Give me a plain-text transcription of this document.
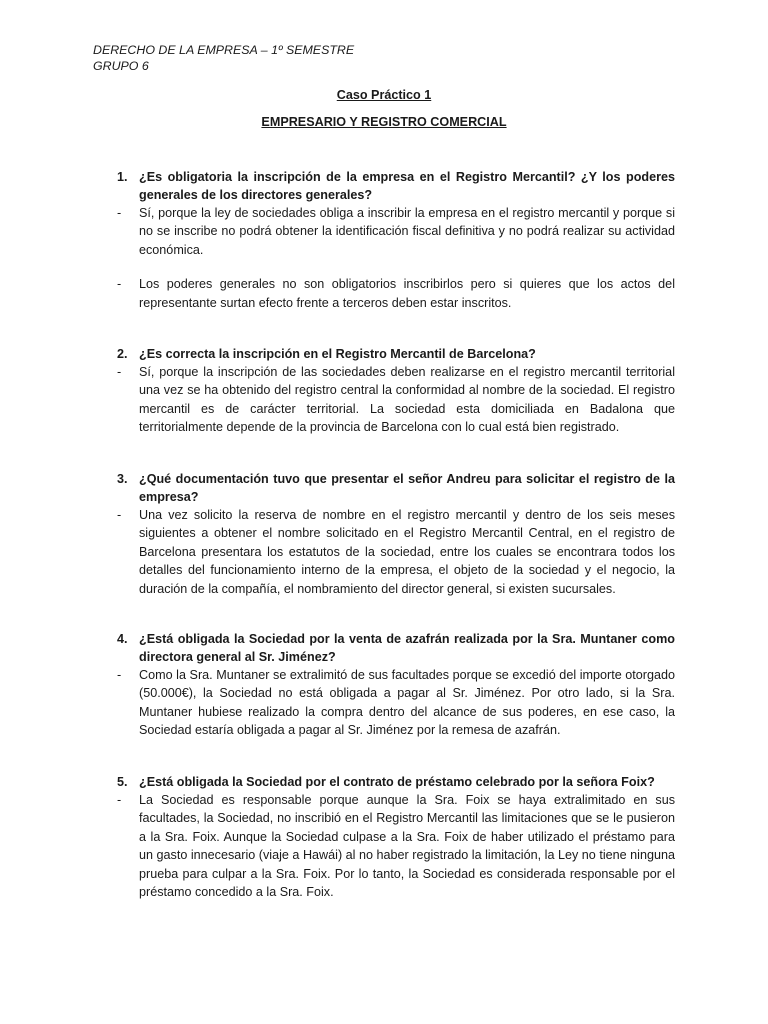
DERECHO DE LA EMPRESA – 1º SEMESTRE
GRUPO 6
Caso Práctico 1
EMPRESARIO Y REGISTRO COMERCIAL
1. ¿Es obligatoria la inscripción de la empresa en el Registro Mercantil? ¿Y los poderes generales de los directores generales?
-	Sí, porque la ley de sociedades obliga a inscribir la empresa en el registro mercantil y porque si no se inscribe no podrá obtener la identificación fiscal definitiva y no podrá realizar su actividad económica.
-	Los poderes generales no son obligatorios inscribirlos pero si quieres que los actos del representante surtan efecto frente a terceros deben estar inscritos.
2. ¿Es correcta la inscripción en el Registro Mercantil de Barcelona?
-	Sí, porque la inscripción de las sociedades deben realizarse en el registro mercantil territorial una vez se ha obtenido del registro central la conformidad al nombre de la sociedad. El registro mercantil es de carácter territorial. La sociedad esta domiciliada en Badalona que territorialmente depende de la provincia de Barcelona con lo cual está bien registrado.
3. ¿Qué documentación tuvo que presentar el señor Andreu para solicitar el registro de la empresa?
-	Una vez solicito la reserva de nombre en el registro mercantil y dentro de los seis meses siguientes a obtener el nombre solicitado en el Registro Mercantil Central, en el registro de Barcelona presentara los estatutos de la sociedad, entre los cuales se encontrara todos los detalles del funcionamiento interno de la empresa, el objeto de la sociedad y el negocio, la duración de la compañía, el nombramiento del director general, si existen sucursales.
4. ¿Está obligada la Sociedad por la venta de azafrán realizada por la Sra. Muntaner como directora general al Sr. Jiménez?
-	Como la Sra. Muntaner se extralimitó de sus facultades porque se excedió del importe otorgado (50.000€), la Sociedad no está obligada a pagar al Sr. Jiménez. Por otro lado, si la Sra. Muntaner hubiese realizado la compra dentro del alcance de sus poderes, en ese caso, la Sociedad estaría obligada a pagar al Sr. Jiménez por la remesa de azafrán.
5. ¿Está obligada la Sociedad por el contrato de préstamo celebrado por la señora Foix?
-	La Sociedad es responsable porque aunque la Sra. Foix se haya extralimitado en sus facultades, la Sociedad, no inscribió en el Registro Mercantil las limitaciones que se le pusieron a la Sra. Foix. Aunque la Sociedad culpase a la Sra. Foix de haber utilizado el préstamo para un gasto innecesario (viaje a Hawái) al no haber registrado la limitación, la Ley no tiene ninguna prueba para culpar a la Sra. Foix. Por lo tanto, la Sociedad es considerada responsable por el préstamo concedido a la Sra. Foix.
